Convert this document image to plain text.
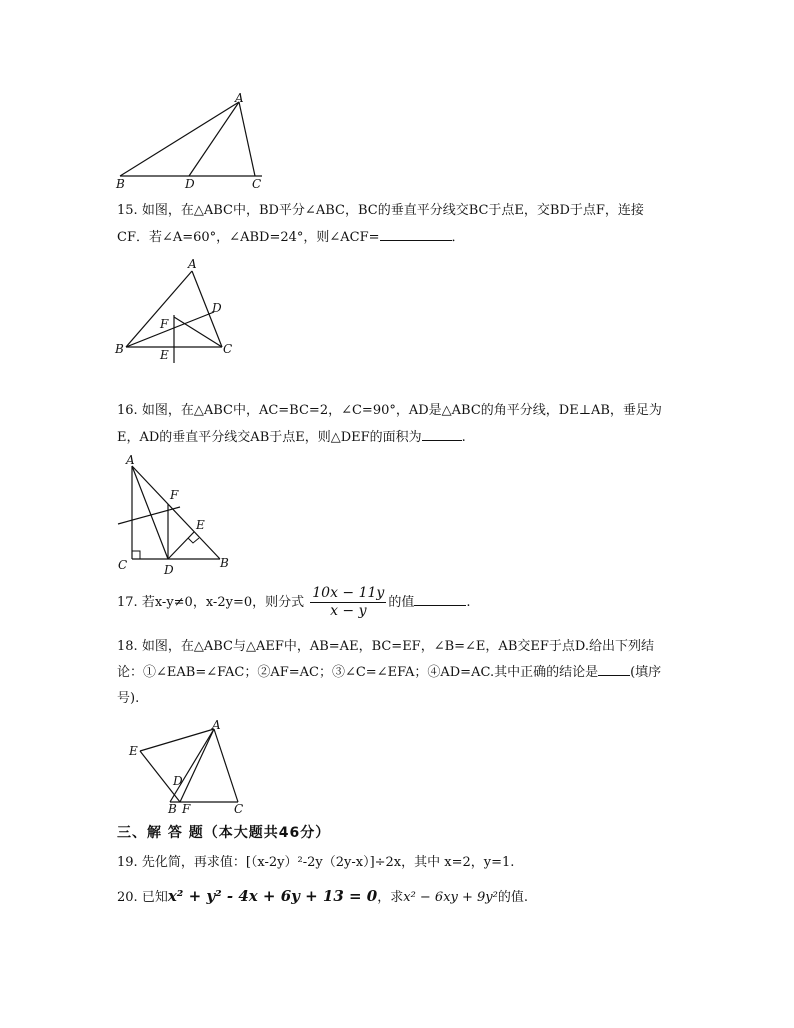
A
B	D	C
15. 如图，在△ABC中，BD平分∠ABC，BC的垂直平分线交BC于点E，交BD于点F，连接
CF．若∠A=60°，∠ABD=24°，则∠ACF=	．
A
D
F
B	E	C
16. 如图，在△ABC中，AC=BC=2，∠C=90°，AD是△ABC的角平分线，DE⊥AB，垂足为
E，AD的垂直平分线交AB于点E，则△DEF的面积为	.
A
F
E
C	D	B
17. 若x-y≠0，x-2y=0，则分式 $\frac{10x - 11y}{x - y}$ 的值	.
18. 如图，在△ABC与△AEF中，AB=AE，BC=EF，∠B=∠E，AB交EF于点D.给出下列结
论：①∠EAB=∠FAC；②AF=AC；③∠C=∠EFA；④AD=AC.其中正确的结论是 (填序
号).
A
E
D
B F	C
三、解 答 题（本大题共46分）
19. 先化简，再求值：[（x-2y）²-2y（2y-x）]÷2x，其中 x=2，y=1.
20. 已知x² + y² - 4x + 6y + 13 = 0，求x² − 6xy + 9y²的值.
